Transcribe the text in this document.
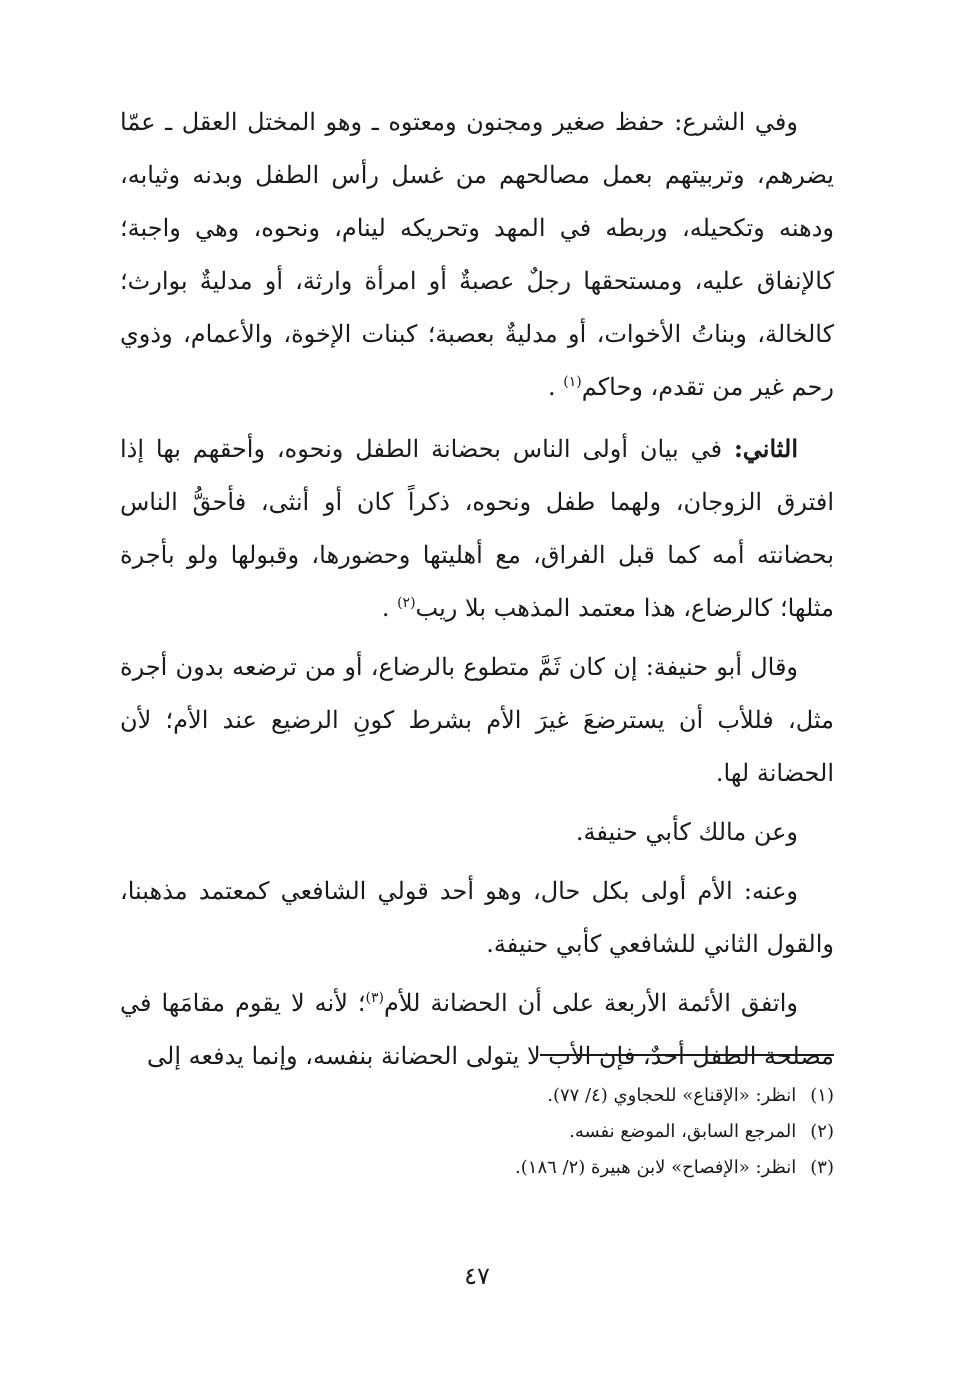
وفي الشرع: حفظ صغير ومجنون ومعتوه ـ وهو المختل العقل ـ عمّا يضرهم، وتربيتهم بعمل مصالحهم من غسل رأس الطفل وبدنه وثيابه، ودهنه وتكحيله، وربطه في المهد وتحريكه لينام، ونحوه، وهي واجبة؛ كالإنفاق عليه، ومستحقها رجلٌ عصبةٌ أو امرأة وارثة، أو مدليةٌ بوارث؛ كالخالة، وبناتُ الأخوات، أو مدليةٌ بعصبة؛ كبنات الإخوة، والأعمام، وذوي رحم غير من تقدم، وحاكم$^{(١)}$ .

الثاني: في بيان أولى الناس بحضانة الطفل ونحوه، وأحقهم بها إذا افترق الزوجان، ولهما طفل ونحوه، ذكراً كان أو أنثى، فأحقُّ الناس بحضانته أمه كما قبل الفراق، مع أهليتها وحضورها، وقبولها ولو بأجرة مثلها؛ كالرضاع، هذا معتمد المذهب بلا ريب$^{(٢)}$ .

وقال أبو حنيفة: إن كان ثَمَّ متطوع بالرضاع، أو من ترضعه بدون أجرة مثل، فللأب أن يسترضعَ غيرَ الأم بشرط كونِ الرضيع عند الأم؛ لأن الحضانة لها.

وعن مالك كأبي حنيفة.

وعنه: الأم أولى بكل حال، وهو أحد قولي الشافعي كمعتمد مذهبنا، والقول الثاني للشافعي كأبي حنيفة.

واتفق الأئمة الأربعة على أن الحضانة للأم$^{(٣)}$؛ لأنه لا يقوم مقامَها في مصلحة الطفل أحدٌ، فإن الأب لا يتولى الحضانة بنفسه، وإنما يدفعه إلى

(١)
انظر: «الإقناع» للحجاوي (٤/ ٧٧).
(٢)
المرجع السابق، الموضع نفسه.
(٣)
انظر: «الإفصاح» لابن هبيرة (٢/ ١٨٦).
٤٧
